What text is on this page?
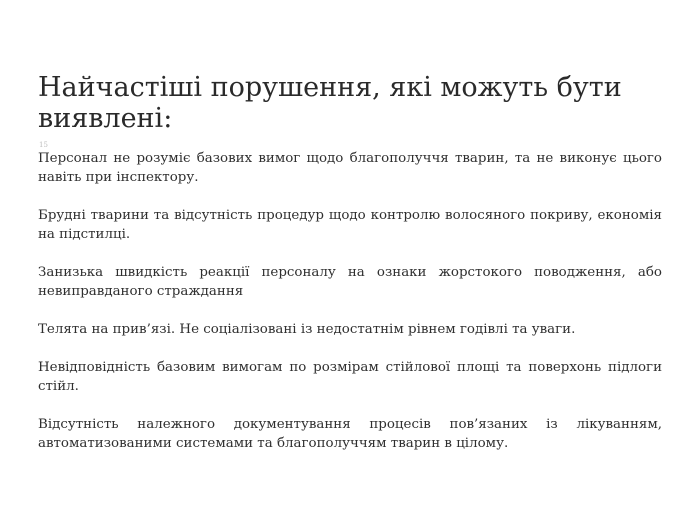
Найчастіші порушення, які можуть бути виявлені:
15

Персонал не розуміє базових вимог щодо благополуччя тварин, та не виконує цього навіть при інспектору.

Брудні тварини та відсутність процедур щодо контролю волосяного покриву, економія на підстилці.

Занизька швидкість реакції персоналу на ознаки жорстокого поводження, або невиправданого страждання

Телята на прив’язі. Не соціалізовані із недостатнім рівнем годівлі та уваги.

Невідповідність базовим вимогам по розмірам стійлової площі та поверхонь підлоги стійл.

Відсутність належного документування процесів пов’язаних із лікуванням, автоматизованими системами та благополуччям тварин в цілому.
